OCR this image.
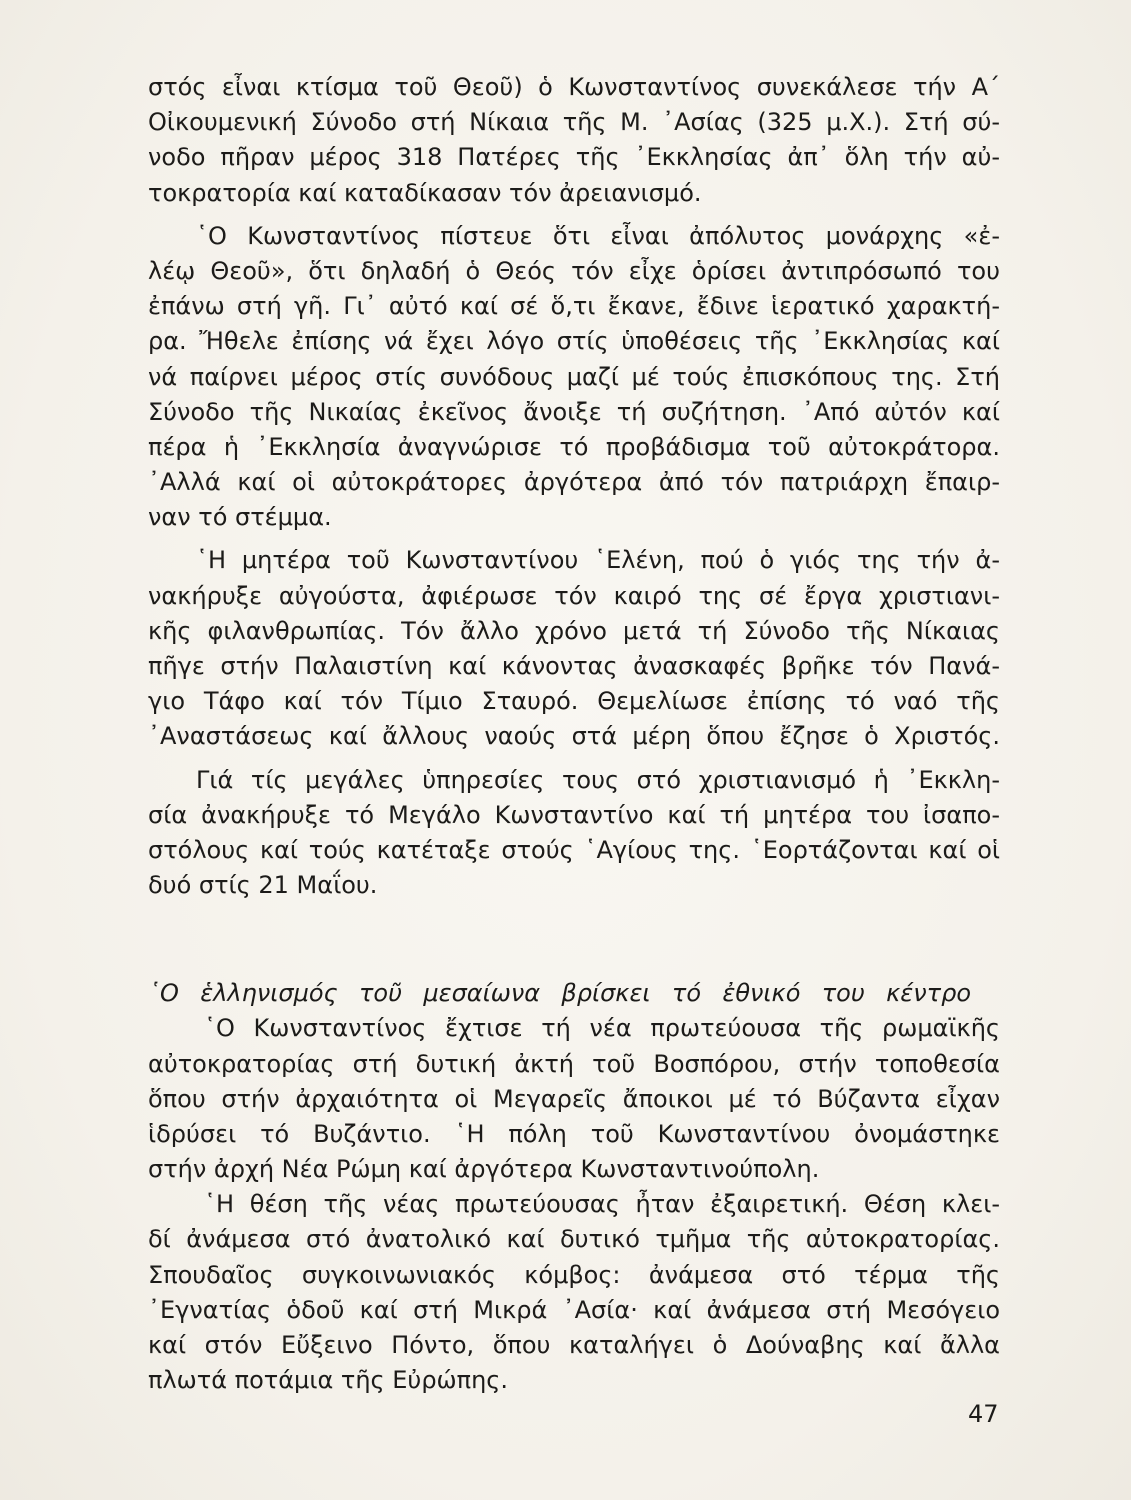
στός εἶναι κτίσμα τοῦ Θεοῦ) ὁ Κωνσταντίνος συνεκάλεσε τήν Α΄
Οἰκουμενική Σύνοδο στή Νίκαια τῆς Μ. ᾿Ασίας (325 μ.Χ.). Στή σύ-
νοδο πῆραν μέρος 318 Πατέρες τῆς ᾿Εκκλησίας ἀπ᾿ ὅλη τήν αὐ-
τοκρατορία καί καταδίκασαν τόν ἀρειανισμό.
῾Ο Κωνσταντίνος πίστευε ὅτι εἶναι ἀπόλυτος μονάρχης «ἐ-
λέῳ Θεοῦ», ὅτι δηλαδή ὁ Θεός τόν εἶχε ὁρίσει ἀντιπρόσωπό του
ἐπάνω στή γῆ. Γι᾿ αὐτό καί σέ ὅ,τι ἔκανε, ἔδινε ἱερατικό χαρακτή-
ρα. Ἤθελε ἐπίσης νά ἔχει λόγο στίς ὑποθέσεις τῆς ᾿Εκκλησίας καί
νά παίρνει μέρος στίς συνόδους μαζί μέ τούς ἐπισκόπους της. Στή
Σύνοδο τῆς Νικαίας ἐκεῖνος ἄνοιξε τή συζήτηση. ᾿Από αὐτόν καί
πέρα ἡ ᾿Εκκλησία ἀναγνώρισε τό προβάδισμα τοῦ αὐτοκράτορα.
᾿Αλλά καί οἱ αὐτοκράτορες ἀργότερα ἀπό τόν πατριάρχη ἔπαιρ-
ναν τό στέμμα.
῾Η μητέρα τοῦ Κωνσταντίνου ῾Ελένη, πού ὁ γιός της τήν ἀ-
νακήρυξε αὐγούστα, ἀφιέρωσε τόν καιρό της σέ ἔργα χριστιανι-
κῆς φιλανθρωπίας. Τόν ἄλλο χρόνο μετά τή Σύνοδο τῆς Νίκαιας
πῆγε στήν Παλαιστίνη καί κάνοντας ἀνασκαφές βρῆκε τόν Πανά-
γιο Τάφο καί τόν Τίμιο Σταυρό. Θεμελίωσε ἐπίσης τό ναό τῆς
᾿Αναστάσεως καί ἄλλους ναούς στά μέρη ὅπου ἔζησε ὁ Χριστός.
Γιά τίς μεγάλες ὑπηρεσίες τους στό χριστιανισμό ἡ ᾿Εκκλη-
σία ἀνακήρυξε τό Μεγάλο Κωνσταντίνο καί τή μητέρα του ἰσαπο-
στόλους καί τούς κατέταξε στούς ῾Αγίους της. ῾Εορτάζονται καί οἱ
δυό στίς 21 Μαΐου.
῾Ο ἑλληνισμός τοῦ μεσαίωνα βρίσκει τό ἐθνικό του κέντρο
῾Ο Κωνσταντίνος ἔχτισε τή νέα πρωτεύουσα τῆς ρωμαϊκῆς
αὐτοκρατορίας στή δυτική ἀκτή τοῦ Βοσπόρου, στήν τοποθεσία
ὅπου στήν ἀρχαιότητα οἱ Μεγαρεῖς ἄποικοι μέ τό Βύζαντα εἶχαν
ἱδρύσει τό Βυζάντιο. ῾Η πόλη τοῦ Κωνσταντίνου ὀνομάστηκε
στήν ἀρχή Νέα Ρώμη καί ἀργότερα Κωνσταντινούπολη.
῾Η θέση τῆς νέας πρωτεύουσας ἦταν ἐξαιρετική. Θέση κλει-
δί ἀνάμεσα στό ἀνατολικό καί δυτικό τμῆμα τῆς αὐτοκρατορίας.
Σπουδαῖος συγκοινωνιακός κόμβος: ἀνάμεσα στό τέρμα τῆς
᾿Εγνατίας ὁδοῦ καί στή Μικρά ᾿Ασία· καί ἀνάμεσα στή Μεσόγειο
καί στόν Εὔξεινο Πόντο, ὅπου καταλήγει ὁ Δούναβης καί ἄλλα
πλωτά ποτάμια τῆς Εὐρώπης.
47
